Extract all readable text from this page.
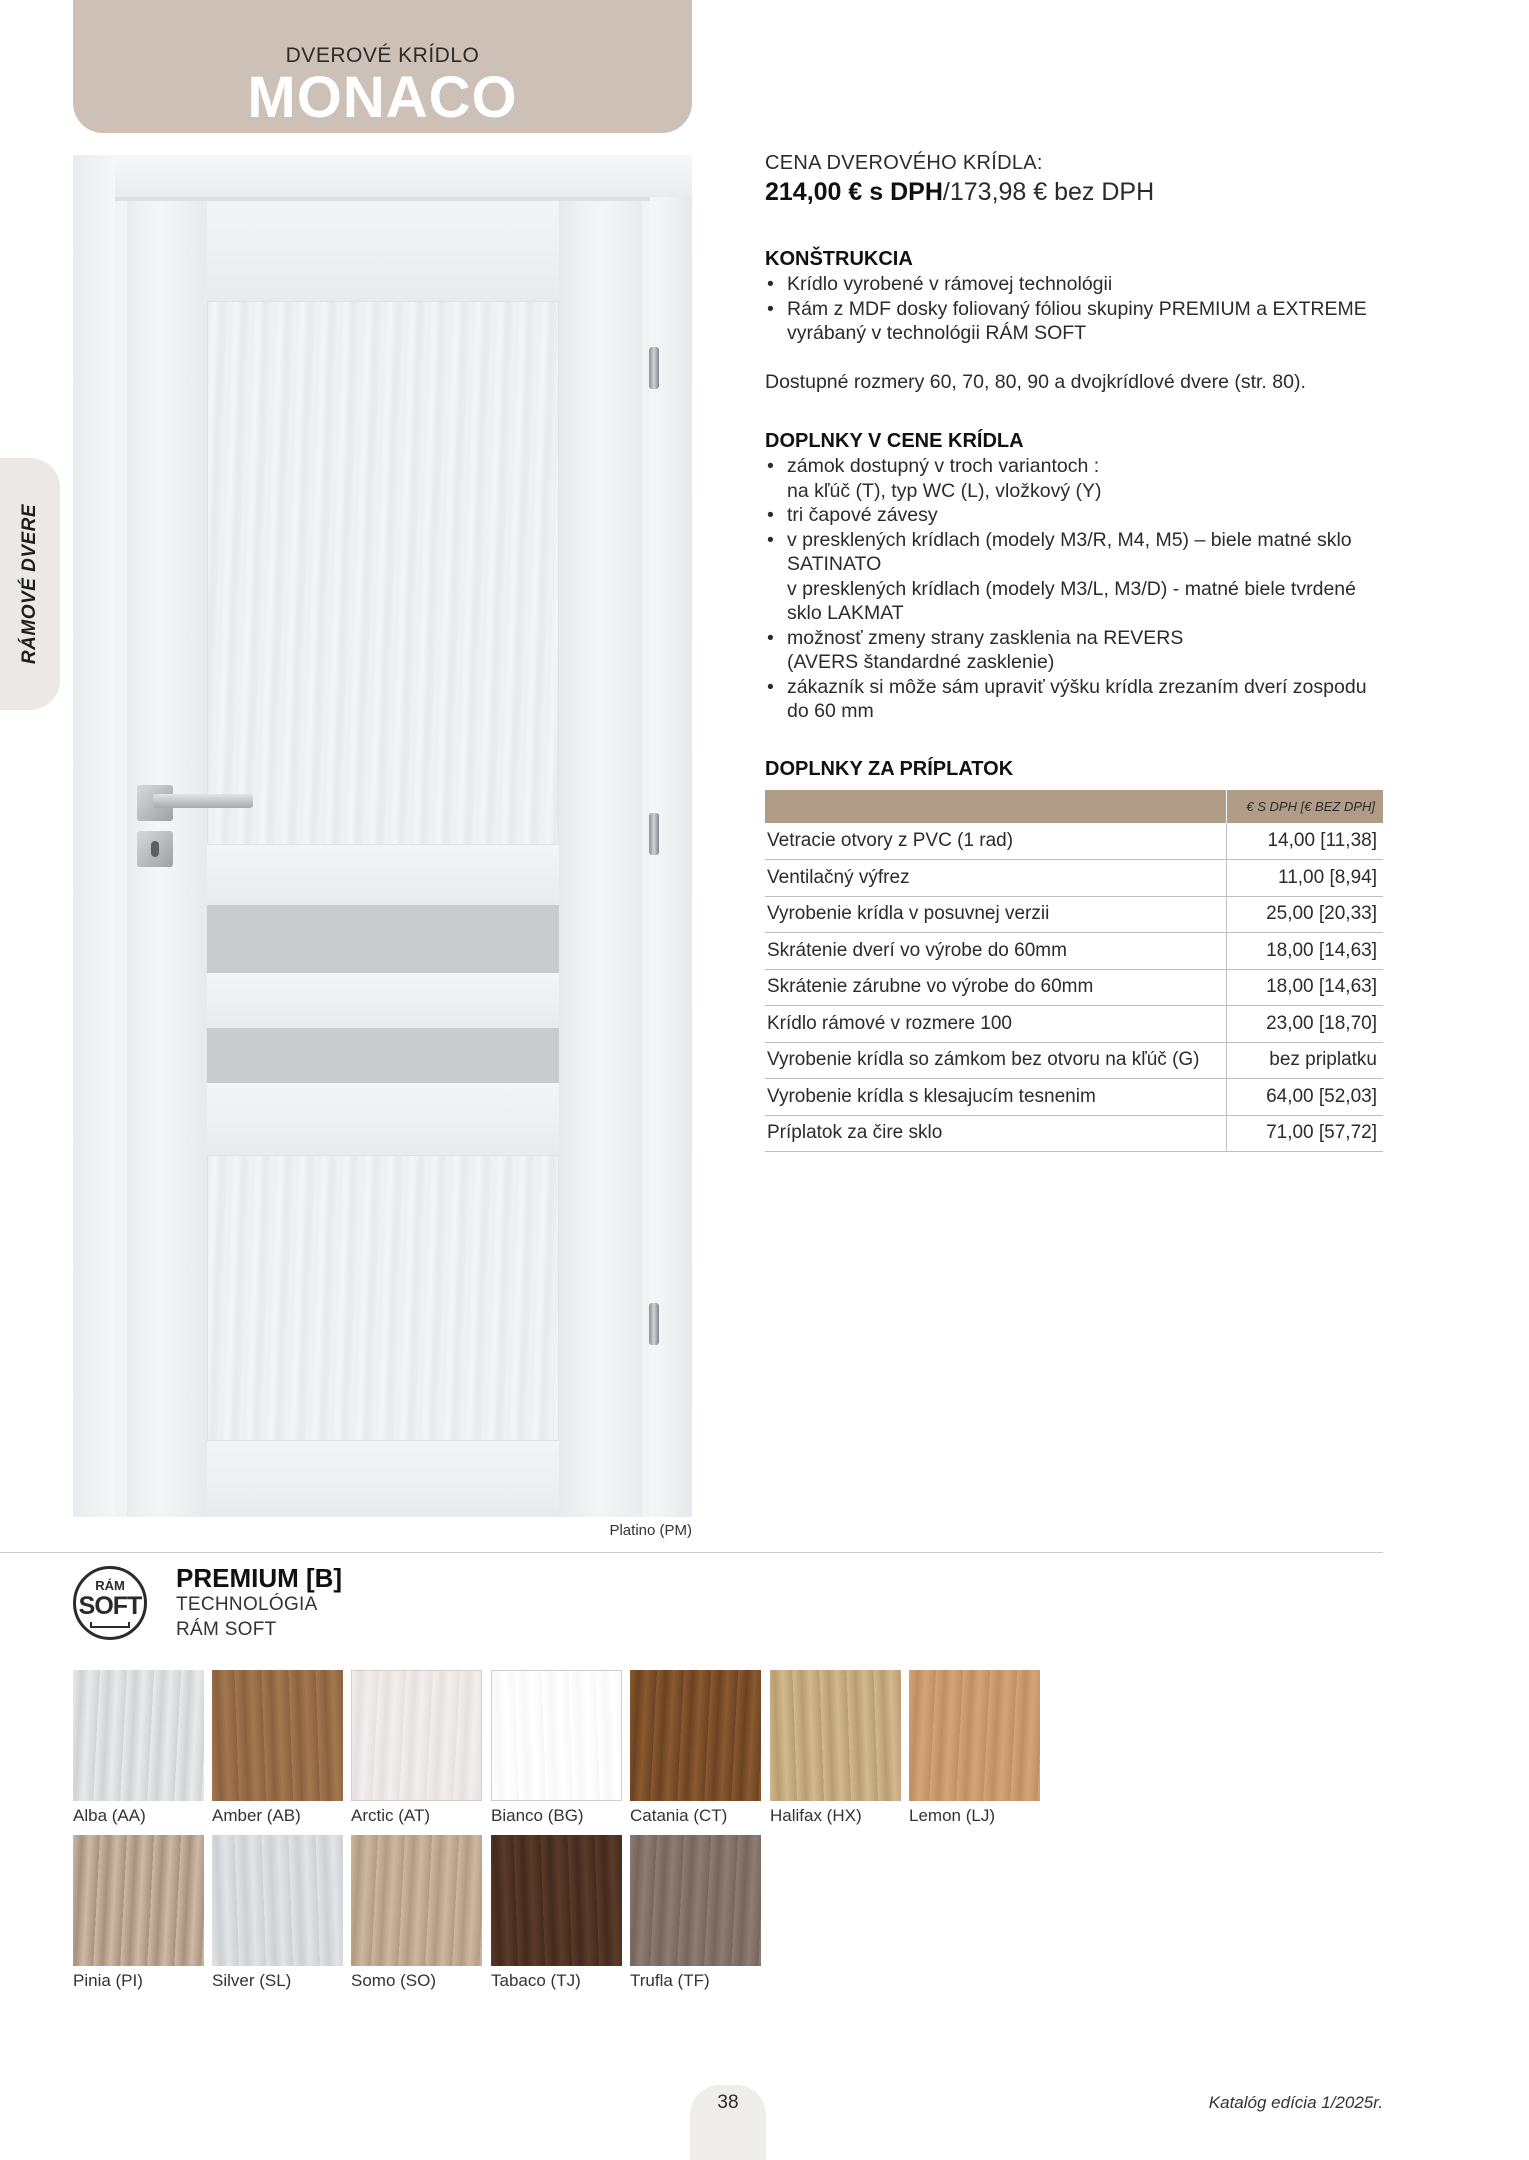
DVEROVÉ KRÍDLO
MONACO
RÁMOVÉ DVERE
Platino (PM)
CENA DVEROVÉHO KRÍDLA:
214,00 € s DPH/173,98 € bez DPH
KONŠTRUKCIA
• Krídlo vyrobené v rámovej technológii
• Rám z MDF dosky foliovaný fóliou skupiny PREMIUM a EXTREME
vyrábaný v technológii RÁM SOFT
Dostupné rozmery 60, 70, 80, 90 a dvojkrídlové dvere (str. 80).
DOPLNKY V CENE KRÍDLA
• zámok dostupný v troch variantoch :
na kľúč (T), typ WC (L), vložkový (Y)
• tri čapové závesy
• v presklených krídlach (modely M3/R, M4, M5) – biele matné sklo
SATINATO
v presklených krídlach (modely M3/L, M3/D) - matné biele tvrdené
sklo LAKMAT
• možnosť zmeny strany zasklenia na REVERS
(AVERS štandardné zasklenie)
• zákazník si môže sám upraviť výšku krídla zrezaním dverí zospodu
do 60 mm
DOPLNKY ZA PRÍPLATOK
	€ S DPH [€ BEZ DPH]
Vetracie otvory z PVC (1 rad)	14,00 [11,38]
Ventilačný výfrez	11,00 [8,94]
Vyrobenie krídla v posuvnej verzii	25,00 [20,33]
Skrátenie dverí vo výrobe do 60mm	18,00 [14,63]
Skrátenie zárubne vo výrobe do 60mm	18,00 [14,63]
Krídlo rámové v rozmere 100	23,00 [18,70]
Vyrobenie krídla so zámkom bez otvoru na kľúč (G)	bez priplatku
Vyrobenie krídla s klesajucím tesnenim	64,00 [52,03]
Príplatok za čire sklo	71,00 [57,72]
RÁM
SOFT
PREMIUM [B]
TECHNOLÓGIA
RÁM SOFT
Alba (AA)	Amber (AB)	Arctic (AT)	Bianco (BG)	Catania (CT)	Halifax (HX)	Lemon (LJ)
Pinia (PI)	Silver (SL)	Somo (SO)	Tabaco (TJ)	Trufla (TF)
38	Katalóg edícia 1/2025r.
